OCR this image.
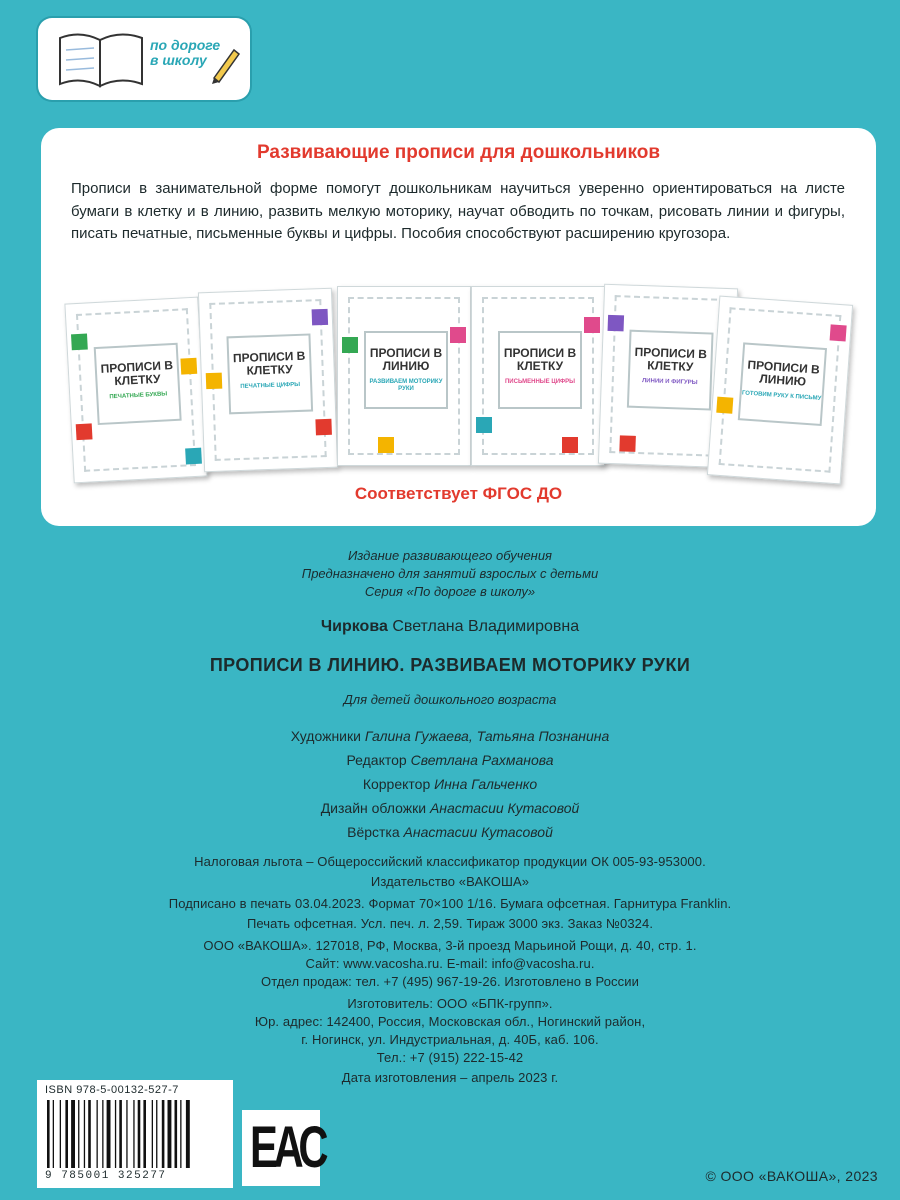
по дороге
в школу
Развивающие прописи для дошкольников
Прописи в занимательной форме помогут дошкольникам научиться уверенно ориентироваться на листе бумаги в клетку и в линию, развить мелкую моторику, научат обводить по точкам, рисовать линии и фигуры, писать печатные, письменные буквы и цифры. Пособия способствуют расширению кругозора.
ПРОПИСИ В КЛЕТКУ
ПЕЧАТНЫЕ БУКВЫ
ПРОПИСИ В КЛЕТКУ
ПЕЧАТНЫЕ ЦИФРЫ
ПРОПИСИ В ЛИНИЮ
РАЗВИВАЕМ МОТОРИКУ РУКИ
ПРОПИСИ В КЛЕТКУ
ПИСЬМЕННЫЕ ЦИФРЫ
ПРОПИСИ В КЛЕТКУ
ЛИНИИ И ФИГУРЫ
ПРОПИСИ В ЛИНИЮ
ГОТОВИМ РУКУ К ПИСЬМУ
Соответствует ФГОС ДО
Издание развивающего обучения
Предназначено для занятий взрослых с детьми
Серия «По дороге в школу»
Чиркова Светлана Владимировна
ПРОПИСИ В ЛИНИЮ. РАЗВИВАЕМ МОТОРИКУ РУКИ
Для детей дошкольного возраста
Художники Галина Гужаева, Татьяна Познанина
Редактор Светлана Рахманова
Корректор Инна Гальченко
Дизайн обложки Анастасии Кутасовой
Вёрстка Анастасии Кутасовой
Налоговая льгота – Общероссийский классификатор продукции ОК 005-93-953000.
Издательство «ВАКОША»
Подписано в печать 03.04.2023. Формат 70×100 1/16. Бумага офсетная. Гарнитура Franklin.
Печать офсетная. Усл. печ. л. 2,59. Тираж 3000 экз. Заказ №0324.
ООО «ВАКОША». 127018, РФ, Москва, 3-й проезд Марьиной Рощи, д. 40, стр. 1.
Сайт: www.vacosha.ru. E-mail: info@vacosha.ru.
Отдел продаж: тел. +7 (495) 967-19-26. Изготовлено в России
Изготовитель: ООО «БПК-групп».
Юр. адрес: 142400, Россия, Московская обл., Ногинский район,
г. Ногинск, ул. Индустриальная, д. 40Б, каб. 106.
Тел.: +7 (915) 222-15-42
Дата изготовления – апрель 2023 г.
ISBN 978-5-00132-527-7
9 785001 325277 ЕАС	© ООО «ВАКОША», 2023
